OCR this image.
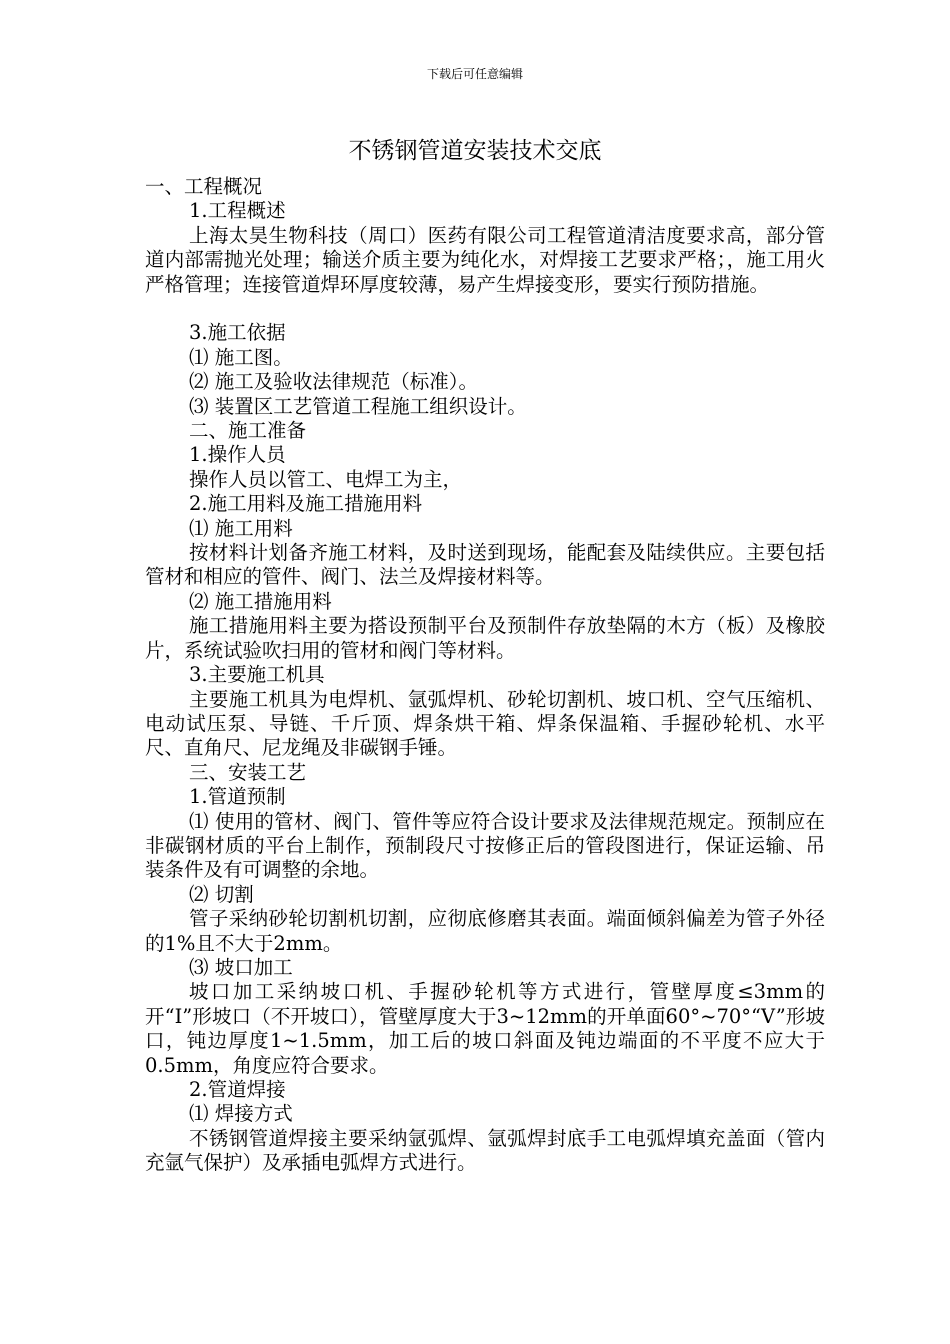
下载后可任意编辑
不锈钢管道安装技术交底

一、工程概况

1.工程概述

上海太昊生物科技（周口）医药有限公司工程管道清洁度要求高，部分管道内部需抛光处理；输送介质主要为纯化水，对焊接工艺要求严格；，施工用火严格管理；连接管道焊环厚度较薄，易产生焊接变形，要实行预防措施。

3.施工依据

⑴ 施工图。

⑵ 施工及验收法律规范（标准）。

⑶ 装置区工艺管道工程施工组织设计。

二、施工准备

1.操作人员

操作人员以管工、电焊工为主，

2.施工用料及施工措施用料

⑴ 施工用料

按材料计划备齐施工材料，及时送到现场，能配套及陆续供应。主要包括管材和相应的管件、阀门、法兰及焊接材料等。

⑵ 施工措施用料

施工措施用料主要为搭设预制平台及预制件存放垫隔的木方（板）及橡胶片，系统试验吹扫用的管材和阀门等材料。

3.主要施工机具

主要施工机具为电焊机、氩弧焊机、砂轮切割机、坡口机、空气压缩机、电动试压泵、导链、千斤顶、焊条烘干箱、焊条保温箱、手握砂轮机、水平尺、直角尺、尼龙绳及非碳钢手锤。

三、安装工艺

1.管道预制

⑴ 使用的管材、阀门、管件等应符合设计要求及法律规范规定。预制应在非碳钢材质的平台上制作，预制段尺寸按修正后的管段图进行，保证运输、吊装条件及有可调整的余地。

⑵ 切割

管子采纳砂轮切割机切割，应彻底修磨其表面。端面倾斜偏差为管子外径的1%且不大于2mm。

⑶ 坡口加工

坡口加工采纳坡口机、手握砂轮机等方式进行，管壁厚度≤3mm的开“I”形坡口（不开坡口），管壁厚度大于3~12mm的开单面60°~70°“V”形坡口，钝边厚度1~1.5mm，加工后的坡口斜面及钝边端面的不平度不应大于0.5mm，角度应符合要求。

2.管道焊接

⑴ 焊接方式

不锈钢管道焊接主要采纳氩弧焊、氩弧焊封底手工电弧焊填充盖面（管内充氩气保护）及承插电弧焊方式进行。
